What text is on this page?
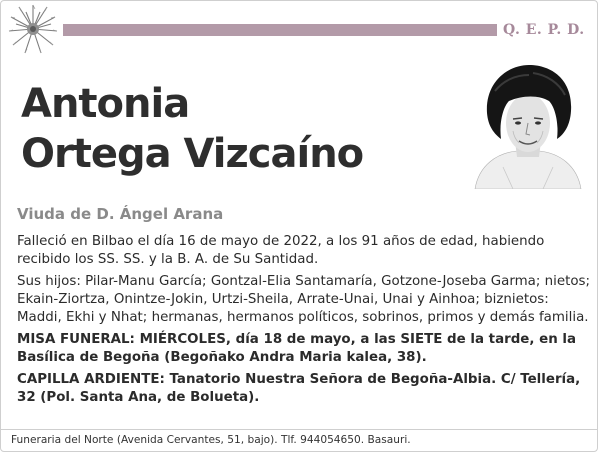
Q. E. P. D.
Antonia
Ortega Vizcaíno
Viuda de D. Ángel Arana

Falleció en Bilbao el día 16 de mayo de 2022, a los 91 años de edad, habiendo recibido los SS. SS. y la B. A. de Su Santidad.

Sus hijos: Pilar-Manu García; Gontzal-Elia Santamaría, Gotzone-Joseba Garma; nietos; Ekain-Ziortza, Onintze-Jokin, Urtzi-Sheila, Arrate-Unai, Unai y Ainhoa; biznietos: Maddi, Ekhi y Nhat; hermanas, hermanos políticos, sobrinos, primos y demás familia.

MISA FUNERAL: MIÉRCOLES, día 18 de mayo, a las SIETE de la tarde, en la Basílica de Begoña (Begoñako Andra Maria kalea, 38).

CAPILLA ARDIENTE: Tanatorio Nuestra Señora de Begoña-Albia. C/ Tellería, 32 (Pol. Santa Ana, de Bolueta).

Funeraria del Norte (Avenida Cervantes, 51, bajo). Tlf. 944054650. Basauri.
